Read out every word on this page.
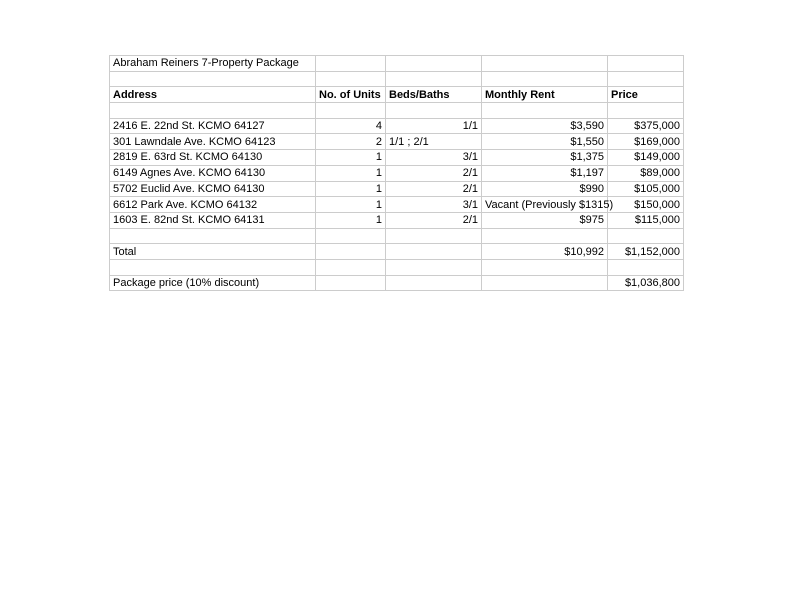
Abraham Reiners 7-Property Package				

Address	No. of Units	Beds/Baths	Monthly Rent	Price

2416 E. 22nd St. KCMO 64127	4	1/1	$3,590	$375,000
301 Lawndale Ave. KCMO 64123	2	1/1 ; 2/1	$1,550	$169,000
2819 E. 63rd St. KCMO 64130	1	3/1	$1,375	$149,000
6149 Agnes Ave. KCMO 64130	1	2/1	$1,197	$89,000
5702 Euclid Ave. KCMO 64130	1	2/1	$990	$105,000
6612 Park Ave. KCMO 64132	1	3/1	Vacant (Previously $1315)	$150,000
1603 E. 82nd St. KCMO 64131	1	2/1	$975	$115,000

Total			$10,992	$1,152,000

Package price (10% discount)				$1,036,800
